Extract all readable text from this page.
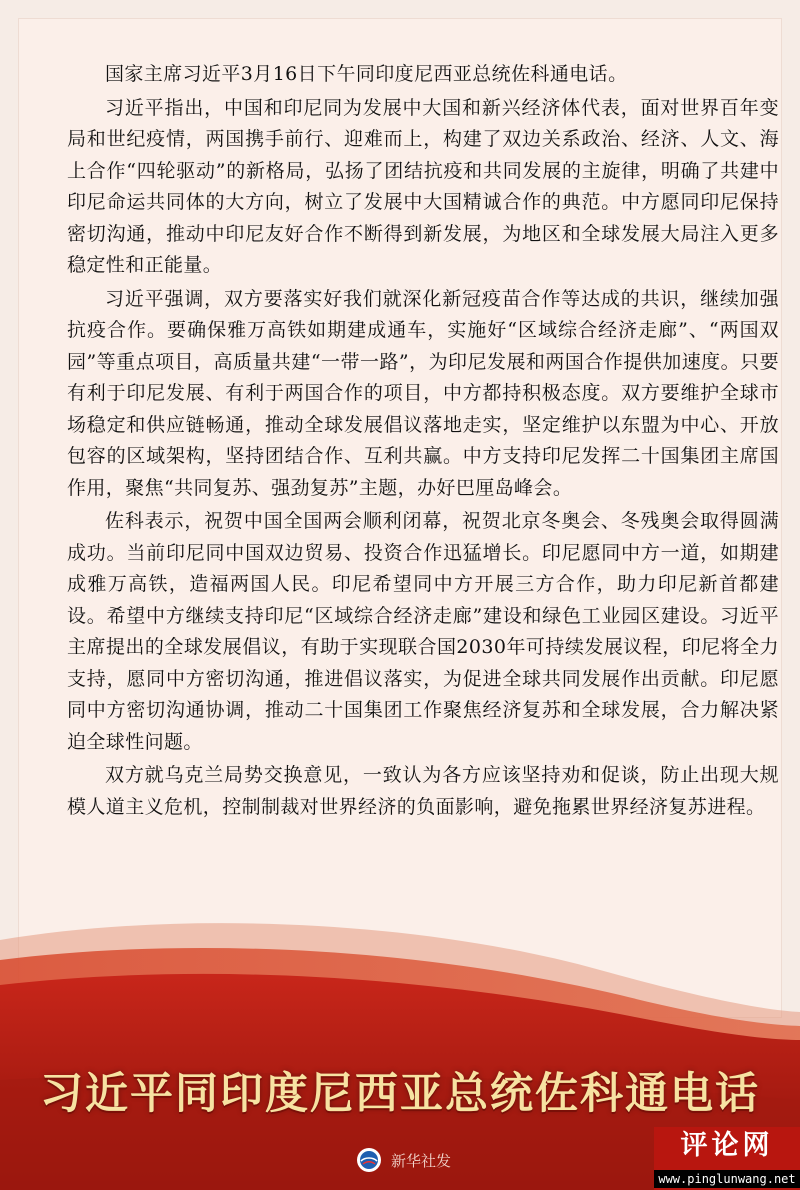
国家主席习近平3月16日下午同印度尼西亚总统佐科通电话。

习近平指出，中国和印尼同为发展中大国和新兴经济体代表，面对世界百年变局和世纪疫情，两国携手前行、迎难而上，构建了双边关系政治、经济、人文、海上合作“四轮驱动”的新格局，弘扬了团结抗疫和共同发展的主旋律，明确了共建中印尼命运共同体的大方向，树立了发展中大国精诚合作的典范。中方愿同印尼保持密切沟通，推动中印尼友好合作不断得到新发展，为地区和全球发展大局注入更多稳定性和正能量。

习近平强调，双方要落实好我们就深化新冠疫苗合作等达成的共识，继续加强抗疫合作。要确保雅万高铁如期建成通车，实施好“区域综合经济走廊”、“两国双园”等重点项目，高质量共建“一带一路”，为印尼发展和两国合作提供加速度。只要有利于印尼发展、有利于两国合作的项目，中方都持积极态度。双方要维护全球市场稳定和供应链畅通，推动全球发展倡议落地走实，坚定维护以东盟为中心、开放包容的区域架构，坚持团结合作、互利共赢。中方支持印尼发挥二十国集团主席国作用，聚焦“共同复苏、强劲复苏”主题，办好巴厘岛峰会。

佐科表示，祝贺中国全国两会顺利闭幕，祝贺北京冬奥会、冬残奥会取得圆满成功。当前印尼同中国双边贸易、投资合作迅猛增长。印尼愿同中方一道，如期建成雅万高铁，造福两国人民。印尼希望同中方开展三方合作，助力印尼新首都建设。希望中方继续支持印尼“区域综合经济走廊”建设和绿色工业园区建设。习近平主席提出的全球发展倡议，有助于实现联合国2030年可持续发展议程，印尼将全力支持，愿同中方密切沟通，推进倡议落实，为促进全球共同发展作出贡献。印尼愿同中方密切沟通协调，推动二十国集团工作聚焦经济复苏和全球发展，合力解决紧迫全球性问题。

双方就乌克兰局势交换意见，一致认为各方应该坚持劝和促谈，防止出现大规模人道主义危机，控制制裁对世界经济的负面影响，避免拖累世界经济复苏进程。

习近平同印度尼西亚总统佐科通电话
新华社发	评论网
www.pinglunwang.net
